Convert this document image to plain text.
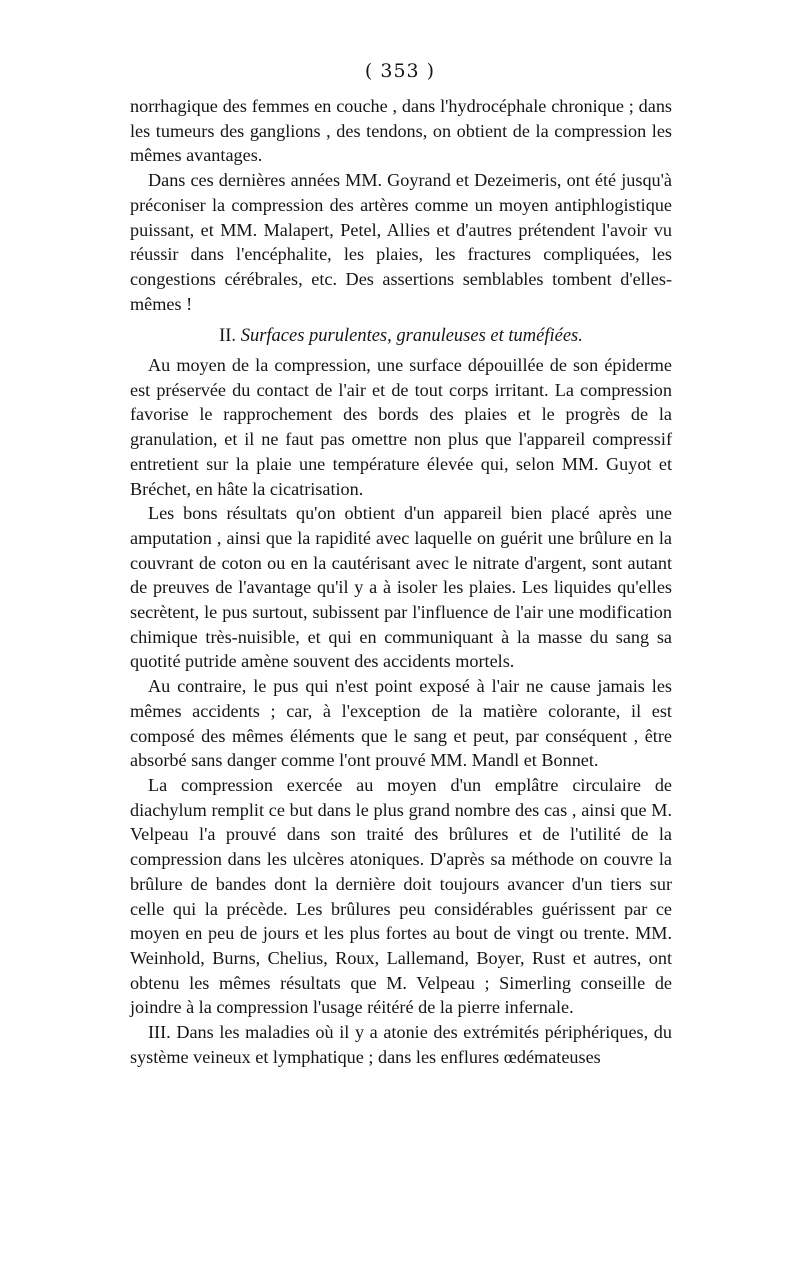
( 353 )

norrhagique des femmes en couche , dans l'hydrocéphale chronique ; dans les tumeurs des ganglions , des tendons, on obtient de la compression les mêmes avantages.

Dans ces dernières années MM. Goyrand et Dezeimeris, ont été jusqu'à préconiser la compression des artères comme un moyen antiphlogistique puissant, et MM. Malapert, Petel, Allies et d'autres prétendent l'avoir vu réussir dans l'encéphalite, les plaies, les fractures compliquées, les congestions cérébrales, etc. Des assertions semblables tombent d'elles-mêmes !

II. Surfaces purulentes, granuleuses et tuméfiées.

Au moyen de la compression, une surface dépouillée de son épiderme est préservée du contact de l'air et de tout corps irritant. La compression favorise le rapprochement des bords des plaies et le progrès de la granulation, et il ne faut pas omettre non plus que l'appareil compressif entretient sur la plaie une température élevée qui, selon MM. Guyot et Bréchet, en hâte la cicatrisation.

Les bons résultats qu'on obtient d'un appareil bien placé après une amputation , ainsi que la rapidité avec laquelle on guérit une brûlure en la couvrant de coton ou en la cautérisant avec le nitrate d'argent, sont autant de preuves de l'avantage qu'il y a à isoler les plaies. Les liquides qu'elles secrètent, le pus surtout, subissent par l'influence de l'air une modification chimique très-nuisible, et qui en communiquant à la masse du sang sa quotité putride amène souvent des accidents mortels.

Au contraire, le pus qui n'est point exposé à l'air ne cause jamais les mêmes accidents ; car, à l'exception de la matière colorante, il est composé des mêmes éléments que le sang et peut, par conséquent , être absorbé sans danger comme l'ont prouvé MM. Mandl et Bonnet.

La compression exercée au moyen d'un emplâtre circulaire de diachylum remplit ce but dans le plus grand nombre des cas , ainsi que M. Velpeau l'a prouvé dans son traité des brûlures et de l'utilité de la compression dans les ulcères atoniques. D'après sa méthode on couvre la brûlure de bandes dont la dernière doit toujours avancer d'un tiers sur celle qui la précède. Les brûlures peu considérables guérissent par ce moyen en peu de jours et les plus fortes au bout de vingt ou trente. MM. Weinhold, Burns, Chelius, Roux, Lallemand, Boyer, Rust et autres, ont obtenu les mêmes résultats que M. Velpeau ; Simerling conseille de joindre à la compression l'usage réitéré de la pierre infernale.

III. Dans les maladies où il y a atonie des extrémités périphériques, du système veineux et lymphatique ; dans les enflures œdémateuses
